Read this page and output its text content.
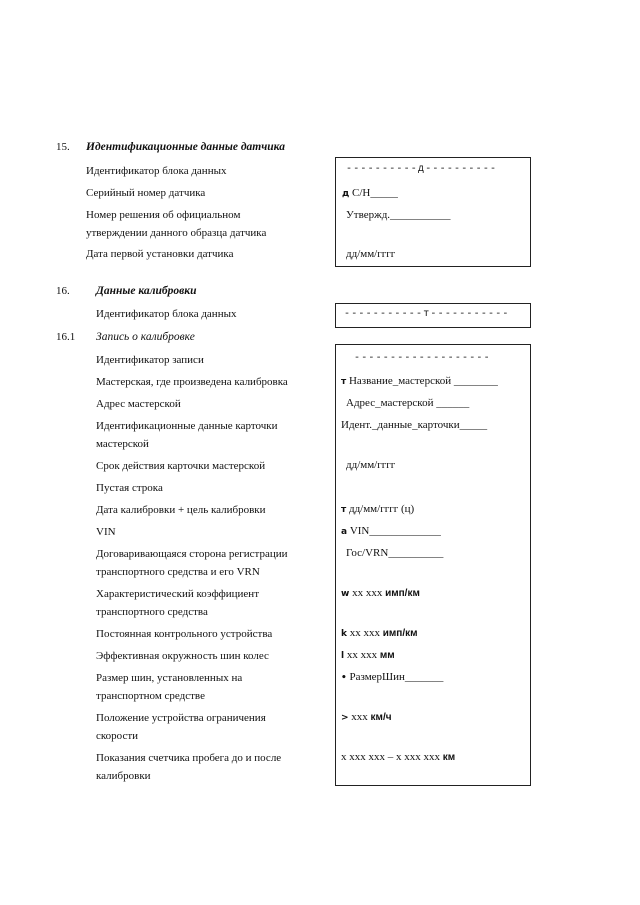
15. Идентификационные данные датчика
Идентификатор блока данных
Серийный номер датчика
Номер решения об официальном
утверждении данного образца датчика
Дата первой установки датчика
----------д----------
д С/Н_____
Утвержд.___________
дд/мм/гггг
16. Данные калибровки
Идентификатор блока данных	-----------т-----------
16.1 Запись о калибровке
Идентификатор записи
Мастерская, где произведена калибровка
Адрес мастерской
Идентификационные данные карточки
мастерской
Срок действия карточки мастерской
Пустая строка
Дата калибровки + цель калибровки
VIN
Договаривающаяся сторона регистрации
транспортного средства и его VRN
Характеристический коэффициент
транспортного средства
Постоянная контрольного устройства
Эффективная окружность шин колес
Размер шин, установленных на
транспортном средстве
Положение устройства ограничения
скорости
Показания счетчика пробега до и после
калибровки
-------------------
т Название_мастерской ________
Адрес_мастерской ______
Идент._данные_карточки_____
дд/мм/гггг
т дд/мм/гггг (ц)
а VIN_____________
Гос/VRN__________
w хх ххх имп/км
k хх ххх имп/км
l хх ххх мм
• РазмерШин_______
> ххх км/ч
х ххх ххх – х ххх ххх км
